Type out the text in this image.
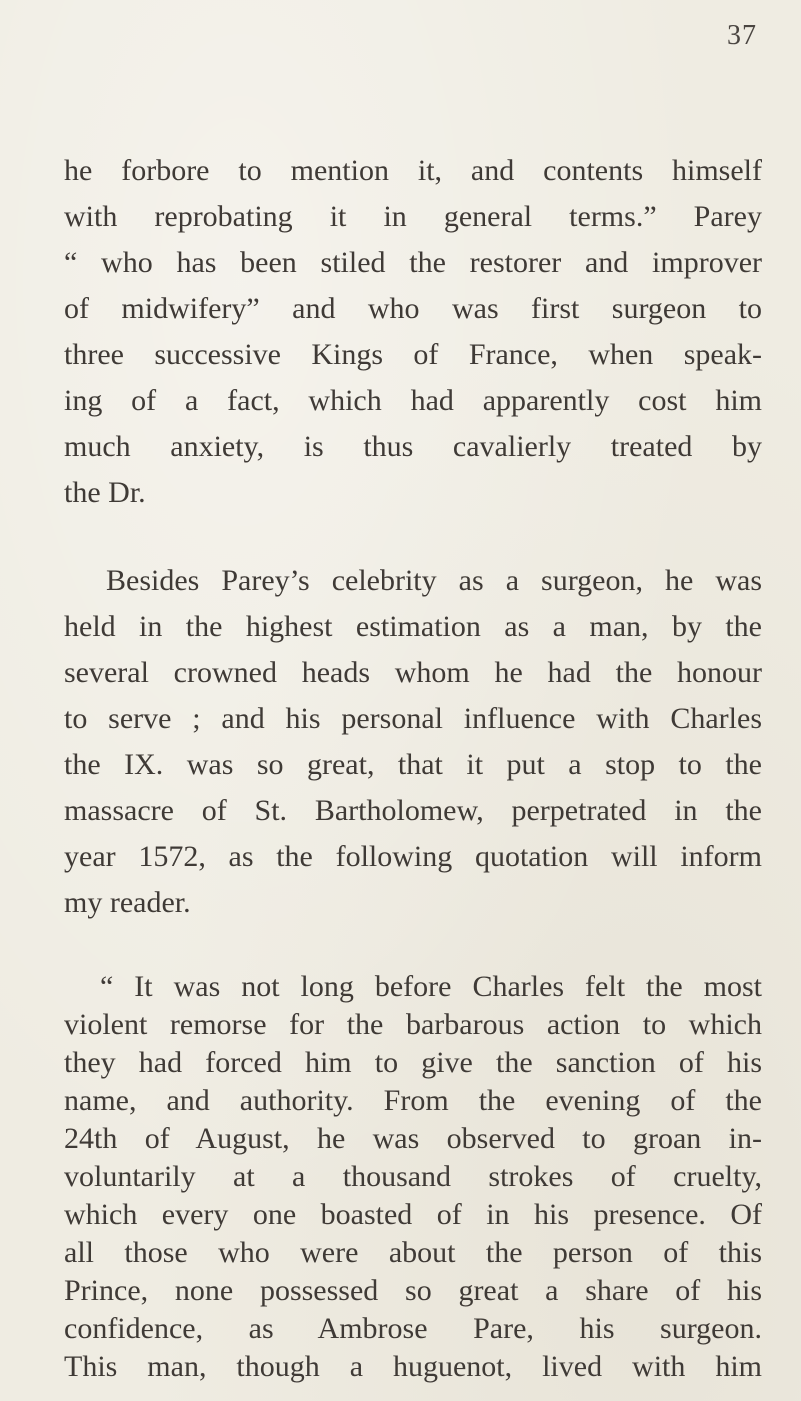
37
he forbore to mention it, and contents himself
with reprobating it in general terms.” Parey
“ who has been stiled the restorer and improver
of midwifery” and who was first surgeon to
three successive Kings of France, when speak-
ing of a fact, which had apparently cost him
much anxiety, is thus cavalierly treated by
the Dr.
Besides Parey’s celebrity as a surgeon, he was
held in the highest estimation as a man, by the
several crowned heads whom he had the honour
to serve ; and his personal influence with Charles
the IX. was so great, that it put a stop to the
massacre of St. Bartholomew, perpetrated in the
year 1572, as the following quotation will inform
my reader.
“ It was not long before Charles felt the most
violent remorse for the barbarous action to which
they had forced him to give the sanction of his
name, and authority. From the evening of the
24th of August, he was observed to groan in-
voluntarily at a thousand strokes of cruelty,
which every one boasted of in his presence. Of
all those who were about the person of this
Prince, none possessed so great a share of his
confidence, as Ambrose Pare, his surgeon.
This man, though a huguenot, lived with him
